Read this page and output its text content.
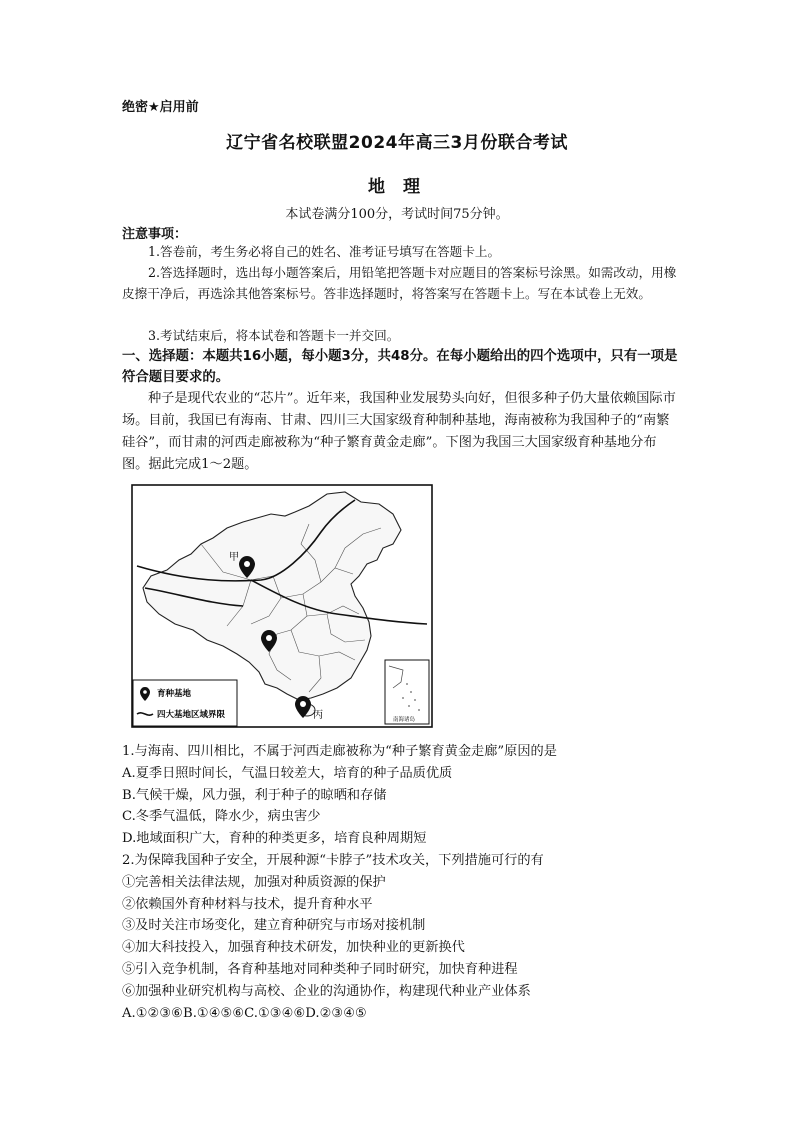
绝密★启用前
辽宁省名校联盟2024年高三3月份联合考试
地 理
本试卷满分100分，考试时间75分钟。
注意事项：
1.答卷前，考生务必将自己的姓名、准考证号填写在答题卡上。
2.答选择题时，选出每小题答案后，用铅笔把答题卡对应题目的答案标号涂黑。如需改动，用橡皮擦干净后，再选涂其他答案标号。答非选择题时，将答案写在答题卡上。写在本试卷上无效。
3.考试结束后，将本试卷和答题卡一并交回。
一、选择题：本题共16小题，每小题3分，共48分。在每小题给出的四个选项中，只有一项是符合题目要求的。
种子是现代农业的“芯片”。近年来，我国种业发展势头向好，但很多种子仍大量依赖国际市场。目前，我国已有海南、甘肃、四川三大国家级育种制种基地，海南被称为我国种子的“南繁硅谷”，而甘肃的河西走廊被称为“种子繁育黄金走廊”。下图为我国三大国家级育种基地分布图。据此完成1～2题。
甲
丙
育种基地
四大基地区域界限	南海诸岛
1.与海南、四川相比，不属于河西走廊被称为“种子繁育黄金走廊”原因的是
A.夏季日照时间长，气温日较差大，培育的种子品质优质
B.气候干燥，风力强，利于种子的晾晒和存储
C.冬季气温低，降水少，病虫害少
D.地域面积广大，育种的种类更多，培育良种周期短
2.为保障我国种子安全，开展种源“卡脖子”技术攻关，下列措施可行的有
①完善相关法律法规，加强对种质资源的保护
②依赖国外育种材料与技术，提升育种水平
③及时关注市场变化，建立育种研究与市场对接机制
④加大科技投入，加强育种技术研发，加快种业的更新换代
⑤引入竞争机制，各育种基地对同种类种子同时研究，加快育种进程
⑥加强种业研究机构与高校、企业的沟通协作，构建现代种业产业体系
A.①②③⑥B.①④⑤⑥C.①③④⑥D.②③④⑤
